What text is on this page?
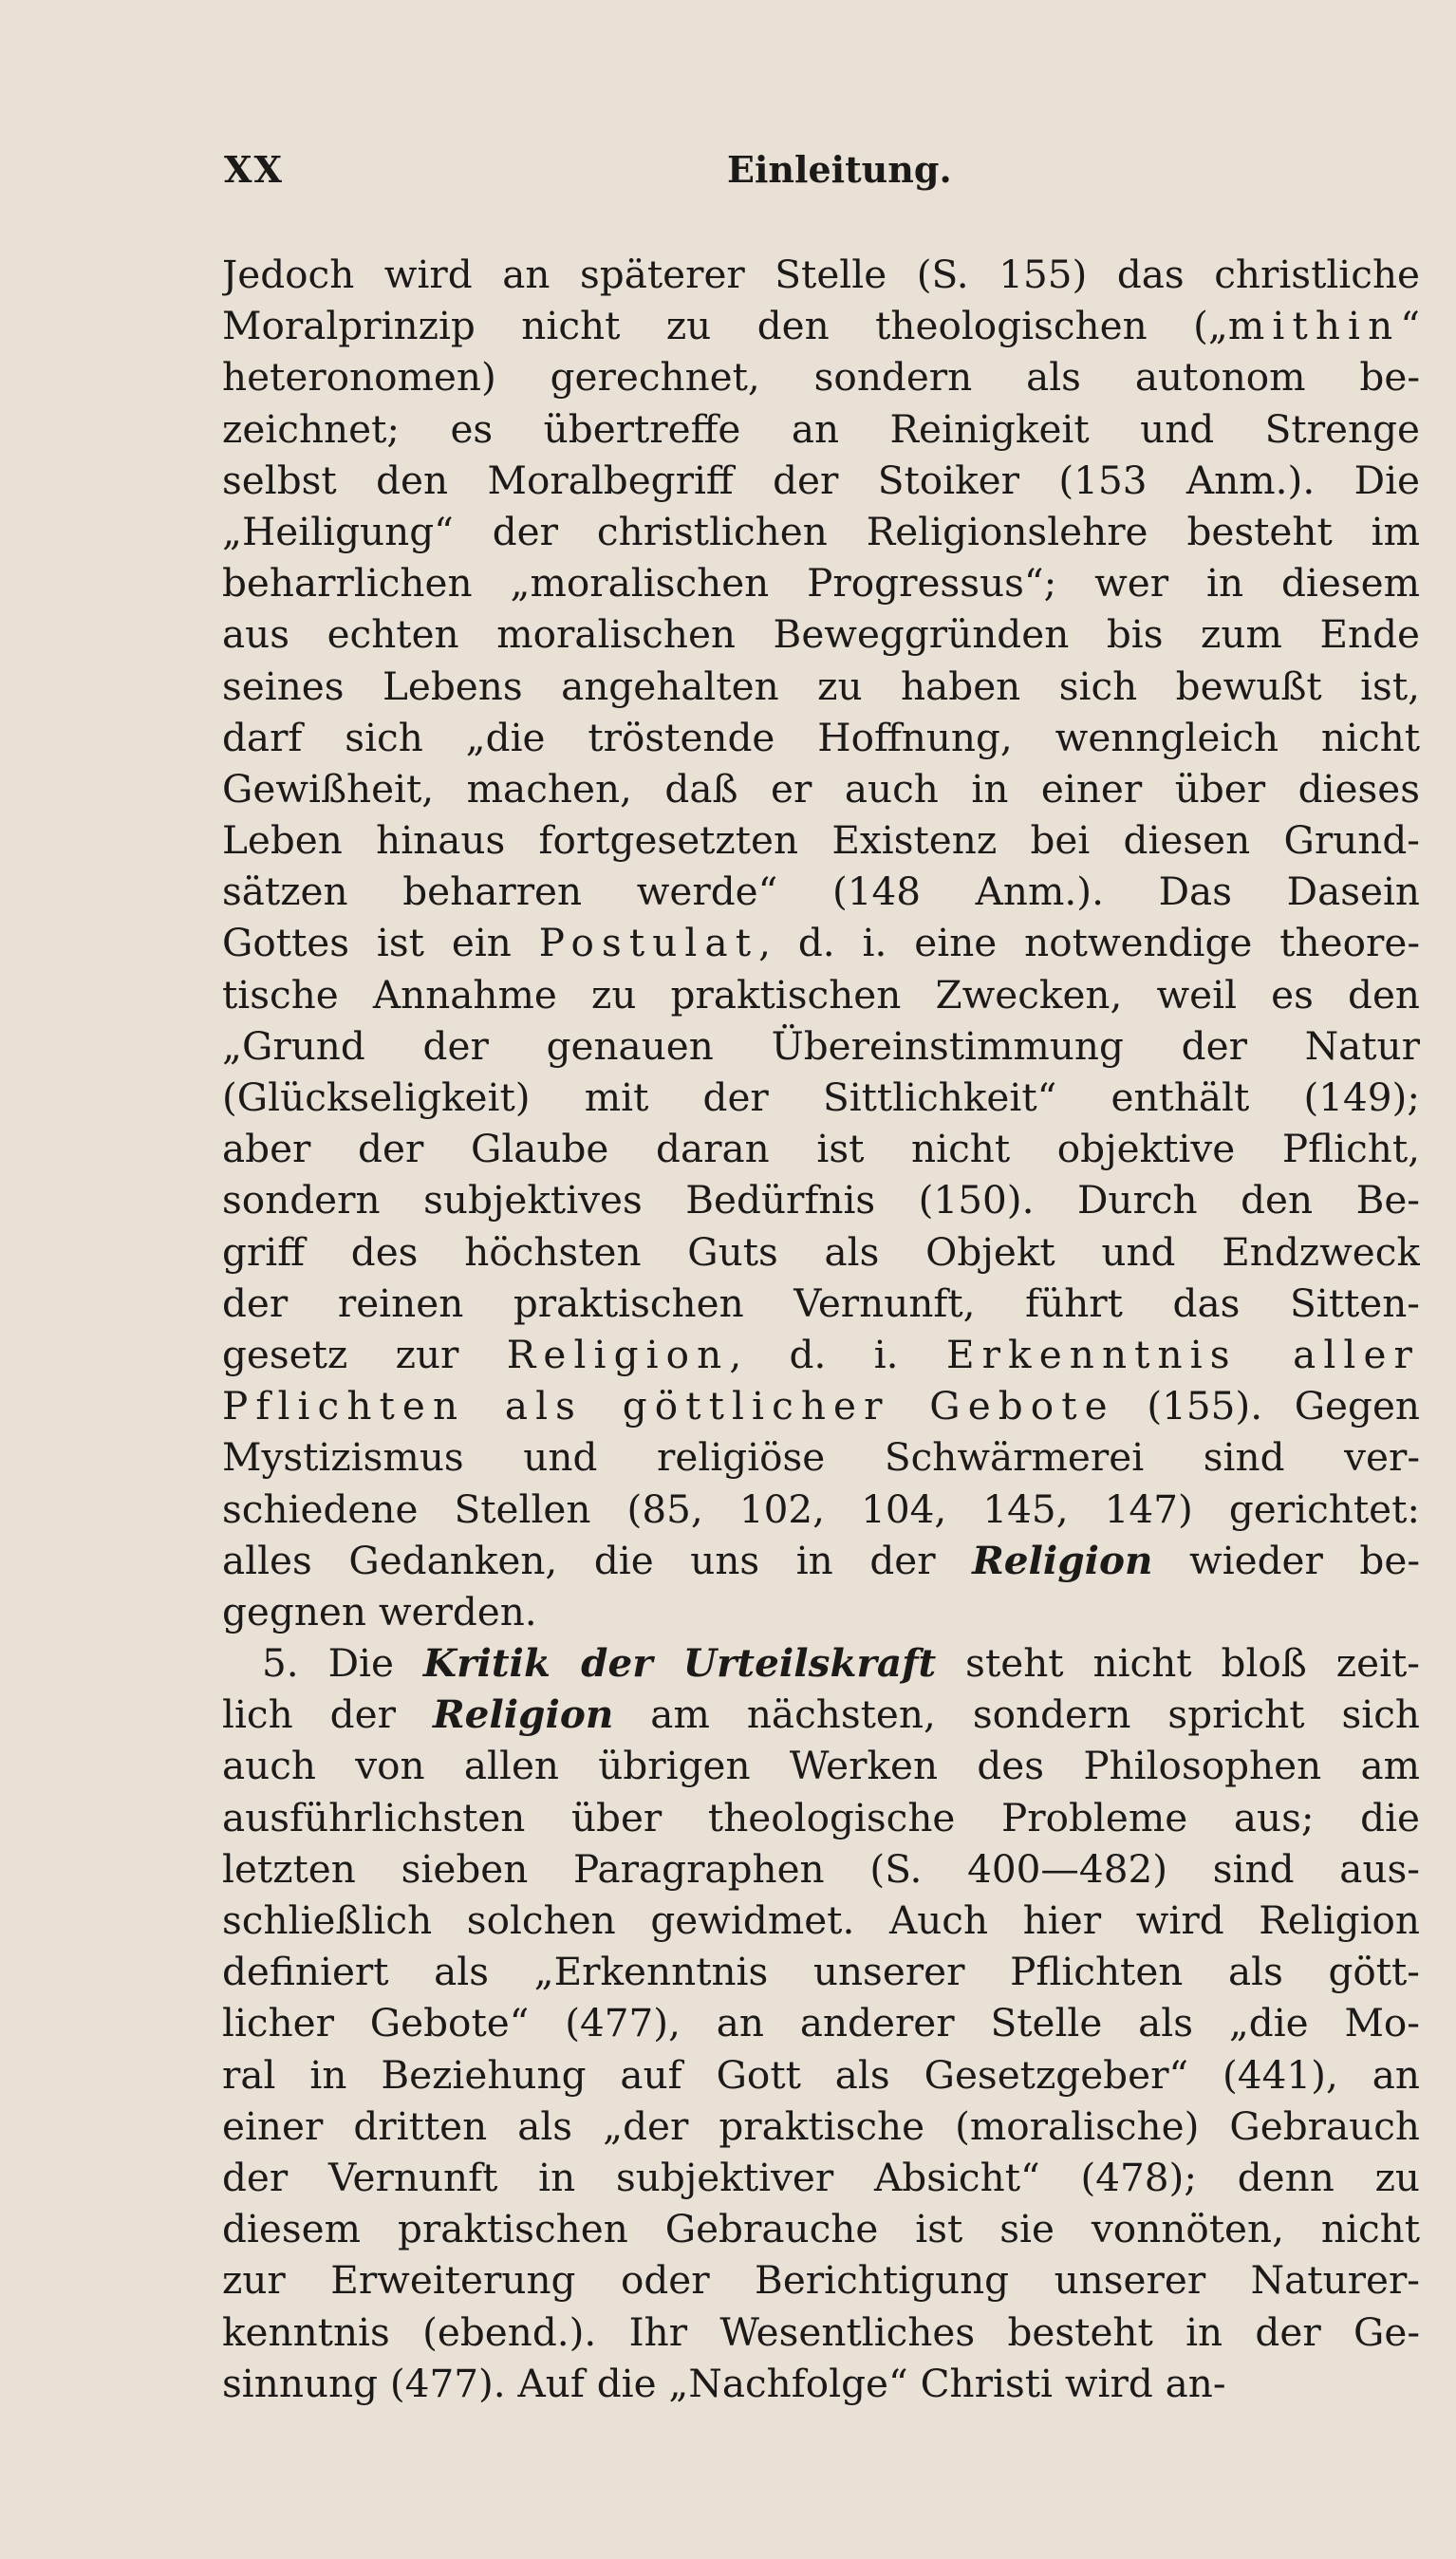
XX	Einleitung.
Jedoch wird an späterer Stelle (S. 155) das christliche
Moralprinzip nicht zu den theologischen („mithin“
heteronomen) gerechnet, sondern als autonom be-
zeichnet; es übertreffe an Reinigkeit und Strenge
selbst den Moralbegriff der Stoiker (153 Anm.). Die
„Heiligung“ der christlichen Religionslehre besteht im
beharrlichen „moralischen Progressus“; wer in diesem
aus echten moralischen Beweggründen bis zum Ende
seines Lebens angehalten zu haben sich bewußt ist,
darf sich „die tröstende Hoffnung, wenngleich nicht
Gewißheit, machen, daß er auch in einer über dieses
Leben hinaus fortgesetzten Existenz bei diesen Grund-
sätzen beharren werde“ (148 Anm.). Das Dasein
Gottes ist ein Postulat, d. i. eine notwendige theore-
tische Annahme zu praktischen Zwecken, weil es den
„Grund der genauen Übereinstimmung der Natur
(Glückseligkeit) mit der Sittlichkeit“ enthält (149);
aber der Glaube daran ist nicht objektive Pflicht,
sondern subjektives Bedürfnis (150). Durch den Be-
griff des höchsten Guts als Objekt und Endzweck
der reinen praktischen Vernunft, führt das Sitten-
gesetz zur Religion, d. i. Erkenntnis aller
Pflichten als göttlicher Gebote (155). Gegen
Mystizismus und religiöse Schwärmerei sind ver-
schiedene Stellen (85, 102, 104, 145, 147) gerichtet:
alles Gedanken, die uns in der Religion wieder be-
gegnen werden.
5. Die Kritik der Urteilskraft steht nicht bloß zeit-
lich der Religion am nächsten, sondern spricht sich
auch von allen übrigen Werken des Philosophen am
ausführlichsten über theologische Probleme aus; die
letzten sieben Paragraphen (S. 400—482) sind aus-
schließlich solchen gewidmet. Auch hier wird Religion
definiert als „Erkenntnis unserer Pflichten als gött-
licher Gebote“ (477), an anderer Stelle als „die Mo-
ral in Beziehung auf Gott als Gesetzgeber“ (441), an
einer dritten als „der praktische (moralische) Gebrauch
der Vernunft in subjektiver Absicht“ (478); denn zu
diesem praktischen Gebrauche ist sie vonnöten, nicht
zur Erweiterung oder Berichtigung unserer Naturer-
kenntnis (ebend.). Ihr Wesentliches besteht in der Ge-
sinnung (477). Auf die „Nachfolge“ Christi wird an-
